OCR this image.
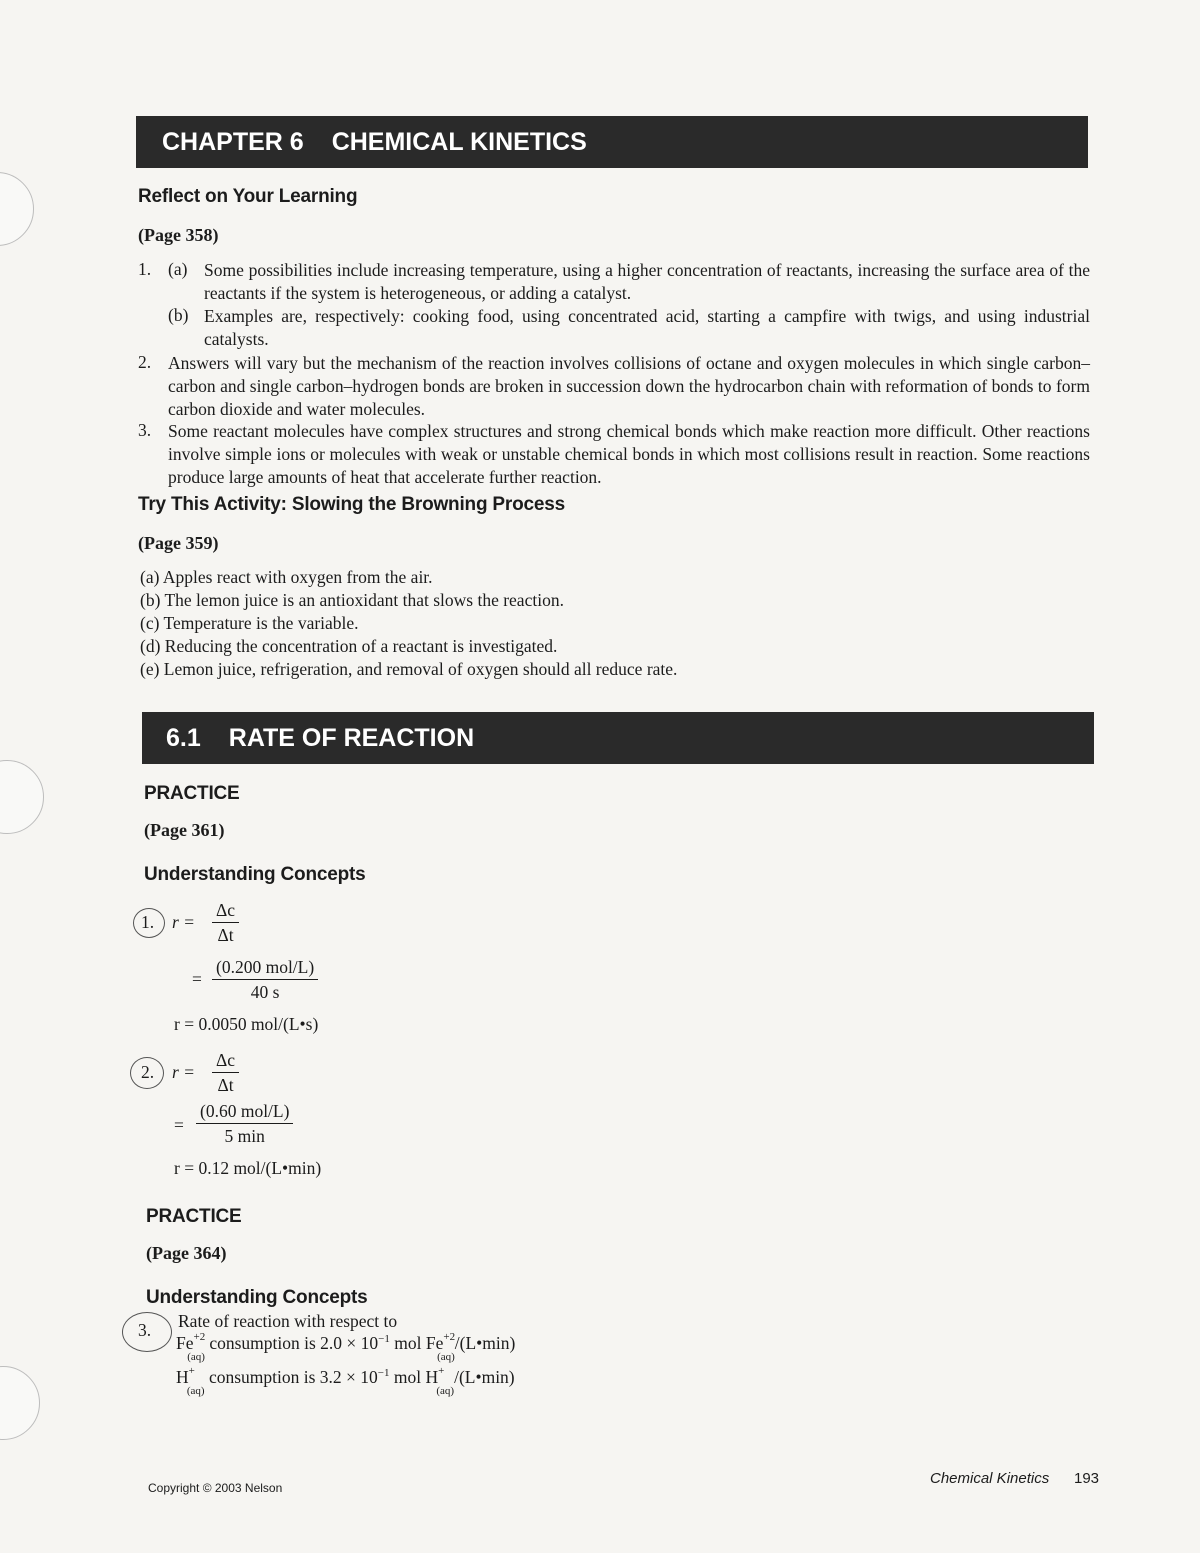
CHAPTER 6 CHEMICAL KINETICS
Reflect on Your Learning
(Page 358)
1. (a) Some possibilities include increasing temperature, using a higher concentration of reactants, increasing the surface area of the reactants if the system is heterogeneous, or adding a catalyst.
(b) Examples are, respectively: cooking food, using concentrated acid, starting a campfire with twigs, and using industrial catalysts.
2. Answers will vary but the mechanism of the reaction involves collisions of octane and oxygen molecules in which single carbon–carbon and single carbon–hydrogen bonds are broken in succession down the hydrocarbon chain with reformation of bonds to form carbon dioxide and water molecules.
3. Some reactant molecules have complex structures and strong chemical bonds which make reaction more difficult. Other reactions involve simple ions or molecules with weak or unstable chemical bonds in which most collisions result in reaction. Some reactions produce large amounts of heat that accelerate further reaction.
Try This Activity: Slowing the Browning Process
(Page 359)
(a) Apples react with oxygen from the air.
(b) The lemon juice is an antioxidant that slows the reaction.
(c) Temperature is the variable.
(d) Reducing the concentration of a reactant is investigated.
(e) Lemon juice, refrigeration, and removal of oxygen should all reduce rate.
6.1 RATE OF REACTION
PRACTICE
(Page 361)
Understanding Concepts
1. $r = \frac{\Delta c}{\Delta t}$
=
(0.200 mol/L)
40 s
r = 0.0050 mol/(L•s)
2. $r = \frac{\Delta c}{\Delta t}$
=
(0.60 mol/L)
5 min
r = 0.12 mol/(L•min)
PRACTICE
(Page 364)
Understanding Concepts
3. Rate of reaction with respect to
$Fe^{+2}_{(aq)}$ consumption is $2.0 \times 10^{-1}$ mol $Fe^{+2}_{(aq)}/(L•\min)$
$H^+_{(aq)}$ consumption is $3.2 \times 10^{-1}$ mol $H^+_{(aq)}/(L•\min)$
Copyright © 2003 Nelson
Chemical Kinetics 193
